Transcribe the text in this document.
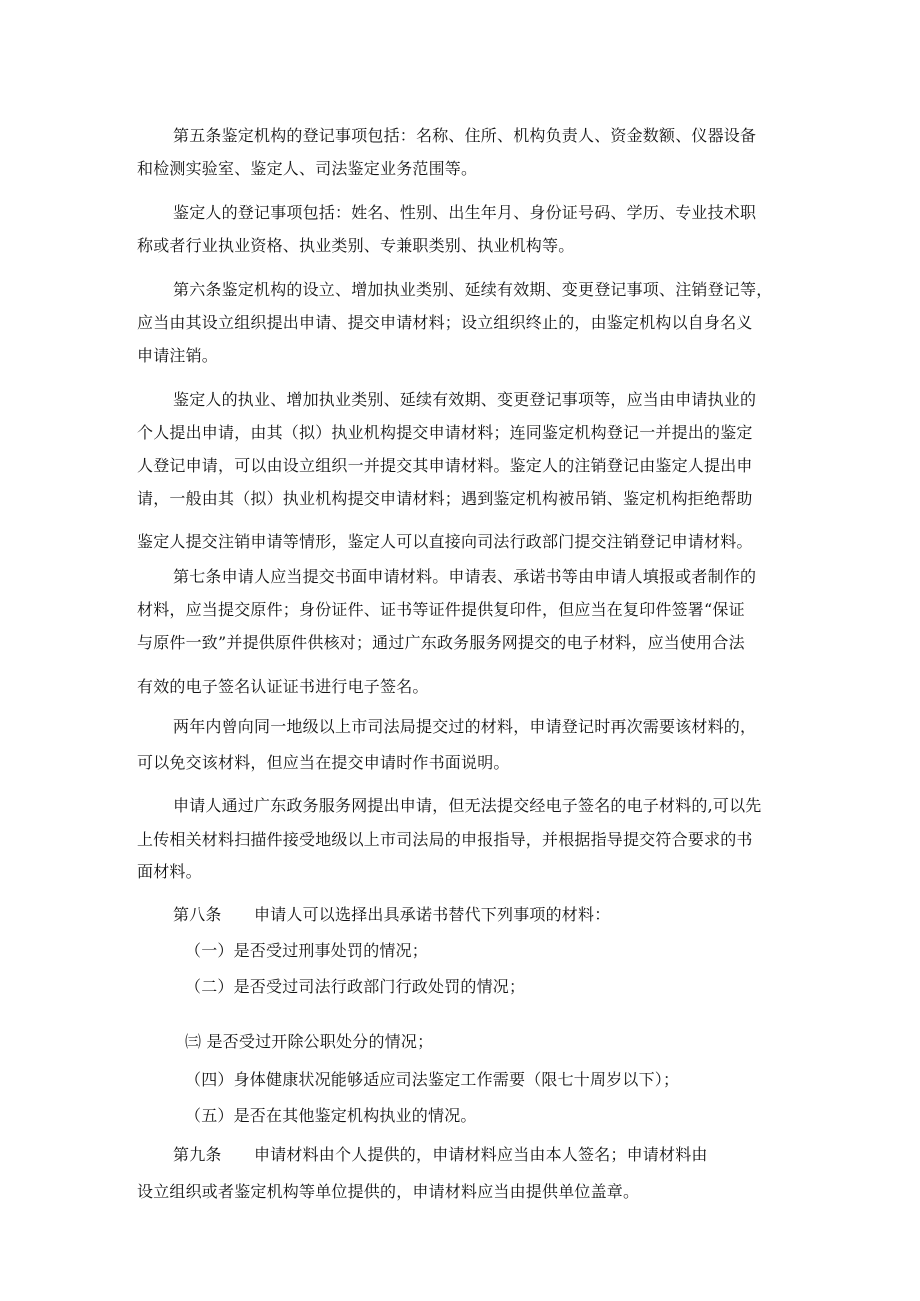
第五条鉴定机构的登记事项包括：名称、住所、机构负责人、资金数额、仪器设备
和检测实验室、鉴定人、司法鉴定业务范围等。
鉴定人的登记事项包括：姓名、性别、出生年月、身份证号码、学历、专业技术职
称或者行业执业资格、执业类别、专兼职类别、执业机构等。
第六条鉴定机构的设立、增加执业类别、延续有效期、变更登记事项、注销登记等，
应当由其设立组织提出申请、提交申请材料；设立组织终止的，由鉴定机构以自身名义
申请注销。
鉴定人的执业、增加执业类别、延续有效期、变更登记事项等，应当由申请执业的
个人提出申请，由其（拟）执业机构提交申请材料；连同鉴定机构登记一并提出的鉴定
人登记申请，可以由设立组织一并提交其申请材料。鉴定人的注销登记由鉴定人提出申
请，一般由其（拟）执业机构提交申请材料；遇到鉴定机构被吊销、鉴定机构拒绝帮助
鉴定人提交注销申请等情形，鉴定人可以直接向司法行政部门提交注销登记申请材料。
第七条申请人应当提交书面申请材料。申请表、承诺书等由申请人填报或者制作的
材料，应当提交原件；身份证件、证书等证件提供复印件，但应当在复印件签署“保证
与原件一致”并提供原件供核对；通过广东政务服务网提交的电子材料，应当使用合法
有效的电子签名认证证书进行电子签名。
两年内曾向同一地级以上市司法局提交过的材料，申请登记时再次需要该材料的，
可以免交该材料，但应当在提交申请时作书面说明。
申请人通过广东政务服务网提出申请，但无法提交经电子签名的电子材料的,可以先
上传相关材料扫描件接受地级以上市司法局的申报指导，并根据指导提交符合要求的书
面材料。
第八条　　申请人可以选择出具承诺书替代下列事项的材料：
（一）是否受过刑事处罚的情况；
（二）是否受过司法行政部门行政处罚的情况；
㈢ 是否受过开除公职处分的情况；
（四）身体健康状况能够适应司法鉴定工作需要（限七十周岁以下）；
（五）是否在其他鉴定机构执业的情况。
第九条　　申请材料由个人提供的，申请材料应当由本人签名；申请材料由
设立组织或者鉴定机构等单位提供的，申请材料应当由提供单位盖章。
